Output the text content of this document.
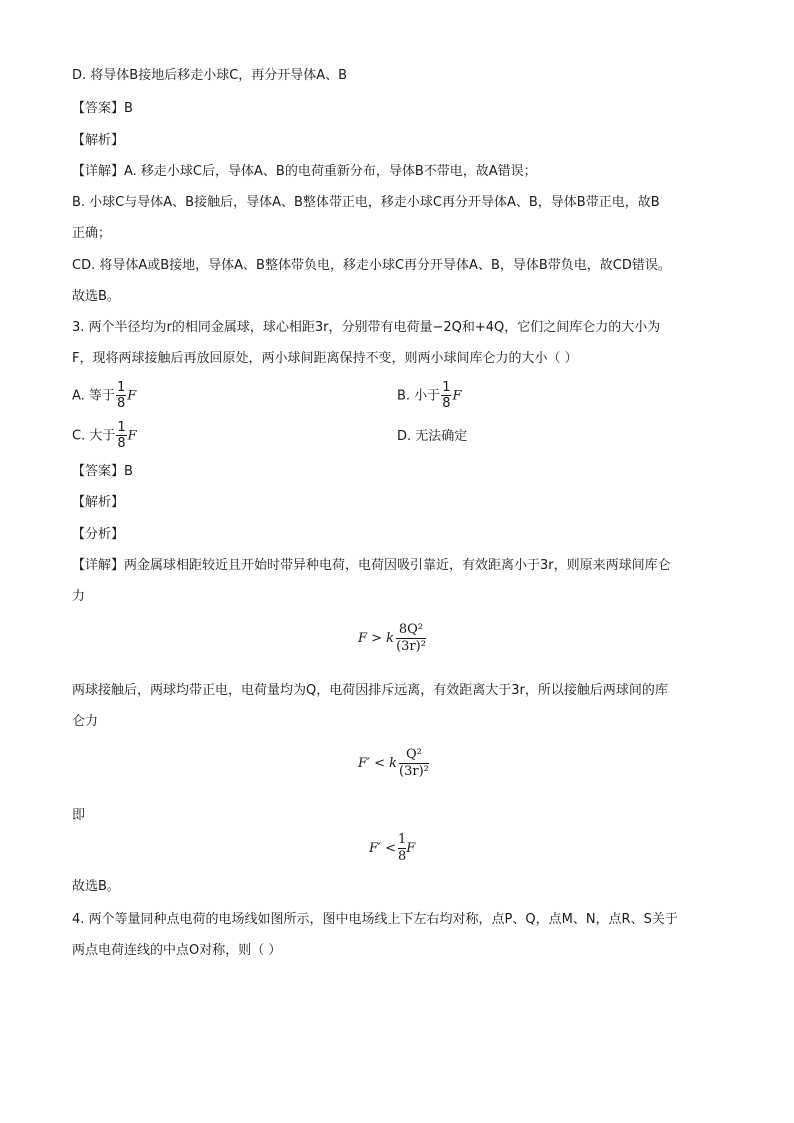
D. 将导体B接地后移走小球C，再分开导体A、B
【答案】B
【解析】
【详解】A. 移走小球C后，导体A、B的电荷重新分布，导体B不带电，故A错误；
B. 小球C与导体A、B接触后，导体A、B整体带正电，移走小球C再分开导体A、B，导体B带正电，故B
正确；
CD. 将导体A或B接地，导体A、B整体带负电，移走小球C再分开导体A、B，导体B带负电，故CD错误。
故选B。
3. 两个半径均为r的相同金属球，球心相距3r，分别带有电荷量−2Q和+4Q，它们之间库仑力的大小为
F，现将两球接触后再放回原处，两小球间距离保持不变，则两小球间库仑力的大小（ ）
A. 等于 $\frac{1}{8}$ F	B. 小于 $\frac{1}{8}$ F
C. 大于 $\frac{1}{8}$ F	D. 无法确定
【答案】B
【解析】
【分析】
【详解】两金属球相距较近且开始时带异种电荷，电荷因吸引靠近，有效距离小于3r，则原来两球间库仑
力
F > k $\frac{\text{8Q²}}{\text{(3r)²}}$
两球接触后，两球均带正电，电荷量均为Q，电荷因排斥远离，有效距离大于3r，所以接触后两球间的库
仑力
F′ < k $\frac{\text{Q²}}{\text{(3r)²}}$
即
$F' < \frac{1}{8}$ F
故选B。
4. 两个等量同种点电荷的电场线如图所示，图中电场线上下左右均对称，点P、Q，点M、N，点R、S关于
两点电荷连线的中点O对称，则（ ）
